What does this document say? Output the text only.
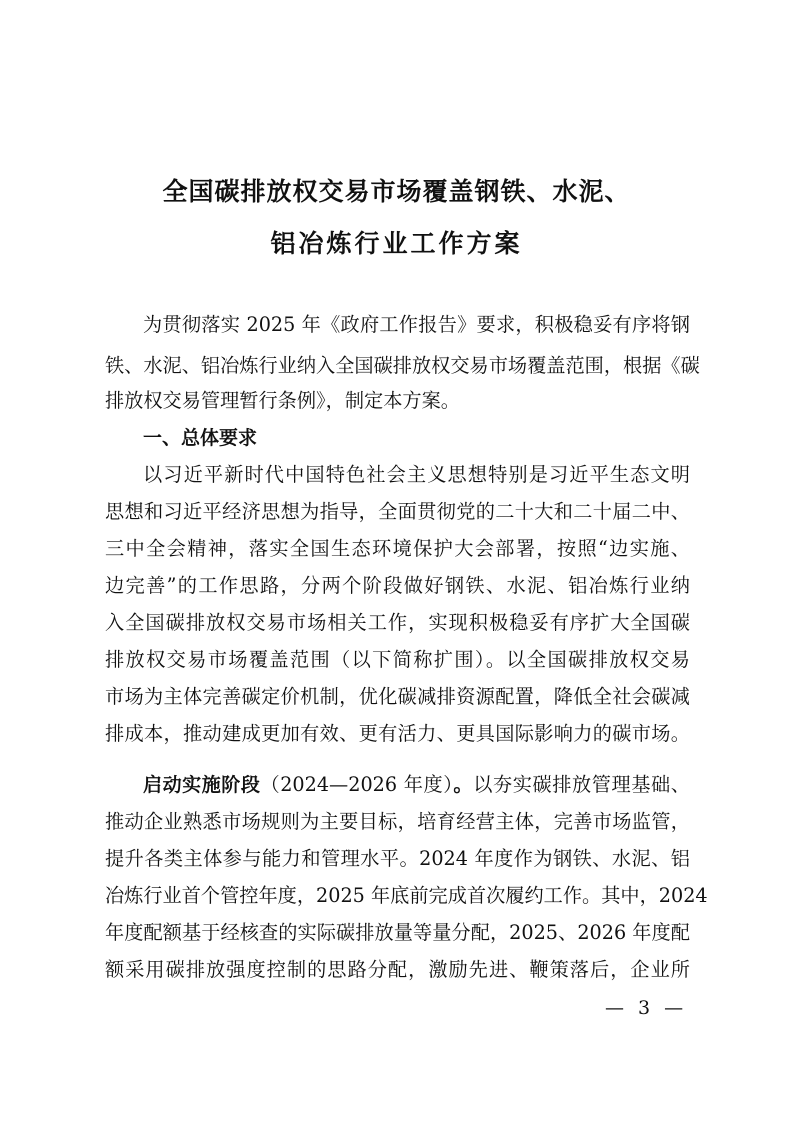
全国碳排放权交易市场覆盖钢铁、水泥、
铝冶炼行业工作方案
为贯彻落实 2025 年《政府工作报告》要求，积极稳妥有序将钢
铁、水泥、铝冶炼行业纳入全国碳排放权交易市场覆盖范围，根据《碳
排放权交易管理暂行条例》，制定本方案。
一、总体要求
以习近平新时代中国特色社会主义思想特别是习近平生态文明
思想和习近平经济思想为指导，全面贯彻党的二十大和二十届二中、
三中全会精神，落实全国生态环境保护大会部署，按照“边实施、
边完善”的工作思路，分两个阶段做好钢铁、水泥、铝冶炼行业纳
入全国碳排放权交易市场相关工作，实现积极稳妥有序扩大全国碳
排放权交易市场覆盖范围（以下简称扩围）。以全国碳排放权交易
市场为主体完善碳定价机制，优化碳减排资源配置，降低全社会碳减
排成本，推动建成更加有效、更有活力、更具国际影响力的碳市场。
启动实施阶段（2024—2026 年度）。以夯实碳排放管理基础、
推动企业熟悉市场规则为主要目标，培育经营主体，完善市场监管，
提升各类主体参与能力和管理水平。2024 年度作为钢铁、水泥、铝
冶炼行业首个管控年度，2025 年底前完成首次履约工作。其中，2024
年度配额基于经核查的实际碳排放量等量分配，2025、2026 年度配
额采用碳排放强度控制的思路分配，激励先进、鞭策落后，企业所
— 3 —
